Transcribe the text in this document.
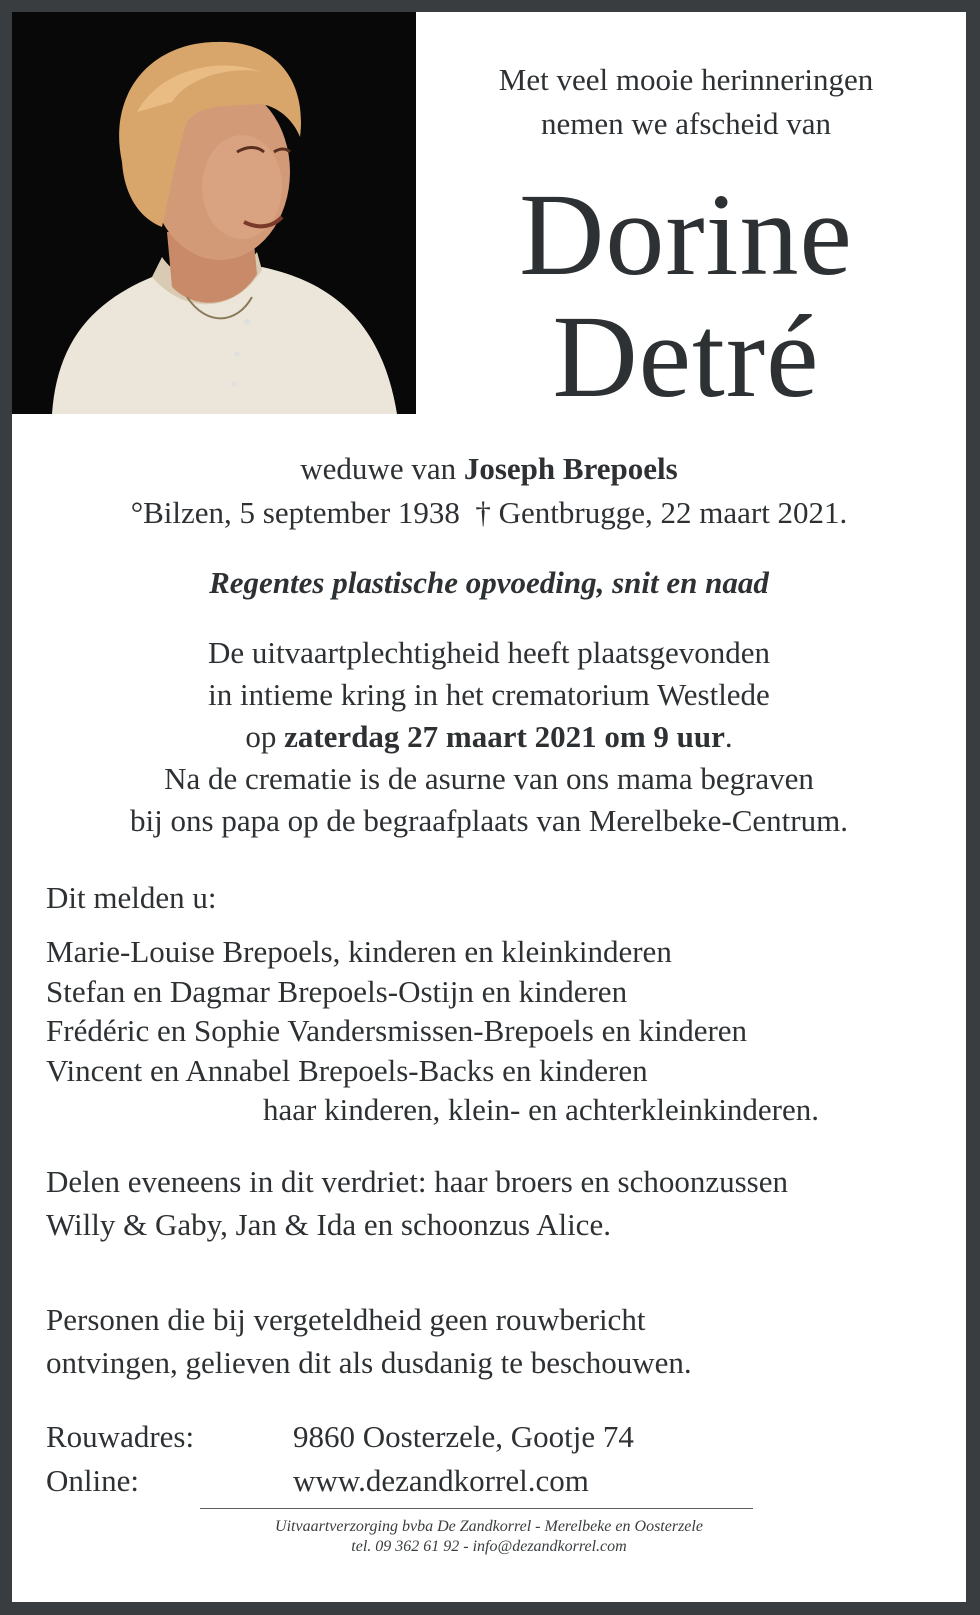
Met veel mooie herinneringen
nemen we afscheid van
Dorine
Detré
weduwe van Joseph Brepoels
°Bilzen, 5 september 1938  † Gentbrugge, 22 maart 2021.
Regentes plastische opvoeding, snit en naad
De uitvaartplechtigheid heeft plaatsgevonden
in intieme kring in het crematorium Westlede
op zaterdag 27 maart 2021 om 9 uur.
Na de crematie is de asurne van ons mama begraven
bij ons papa op de begraafplaats van Merelbeke-Centrum.
Dit melden u:
Marie-Louise Brepoels, kinderen en kleinkinderen
Stefan en Dagmar Brepoels-Ostijn en kinderen
Frédéric en Sophie Vandersmissen-Brepoels en kinderen
Vincent en Annabel Brepoels-Backs en kinderen
haar kinderen, klein- en achterkleinkinderen.
Delen eveneens in dit verdriet: haar broers en schoonzussen
Willy & Gaby, Jan & Ida en schoonzus Alice.
Personen die bij vergeteldheid geen rouwbericht
ontvingen, gelieven dit als dusdanig te beschouwen.
Rouwadres:	9860 Oosterzele, Gootje 74
Online:	www.dezandkorrel.com
Uitvaartverzorging bvba De Zandkorrel - Merelbeke en Oosterzele
tel. 09 362 61 92 - info@dezandkorrel.com
